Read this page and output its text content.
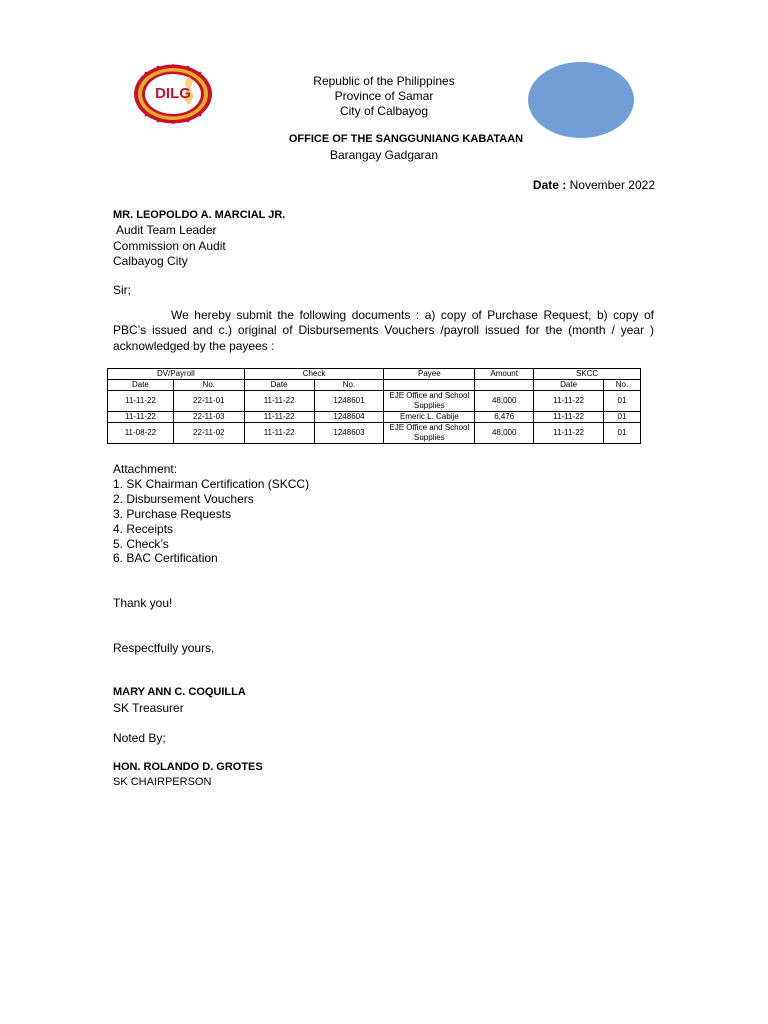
DILG
Republic of the Philippines
Province of Samar
City of Calbayog
OFFICE OF THE SANGGUNIANG KABATAAN
Barangay Gadgaran
Date : November 2022
MR. LEOPOLDO A. MARCIAL JR.
Audit Team Leader
Commission on Audit
Calbayog City
Sir;
We hereby submit the following documents : a) copy of Purchase Request, b) copy of PBC’s issued and c.) original of Disbursements Vouchers /payroll issued for the (month / year ) acknowledged by the payees :
DV/Payroll		Check		Payee	Amount	SKCC	
Date	No.	Date	No.			Date	No.
11-11-22	22-11-01	11-11-22	1248601	EJE Office and School Supplies	48,000	11-11-22	01
11-11-22	22-11-03	11-11-22	1248604	Emeric L. Cabije	6,476	11-11-22	01
11-08-22	22-11-02	11-11-22	1248603	EJE Office and School Supplies	48,000	11-11-22	01
Attachment:
1. SK Chairman Certification (SKCC)
2. Disbursement Vouchers
3. Purchase Requests
4. Receipts
5. Check’s
6. BAC Certification
Thank you!
Respectfully yours,
MARY ANN C. COQUILLA
SK Treasurer
Noted By;
HON. ROLANDO D. GROTES
SK CHAIRPERSON
